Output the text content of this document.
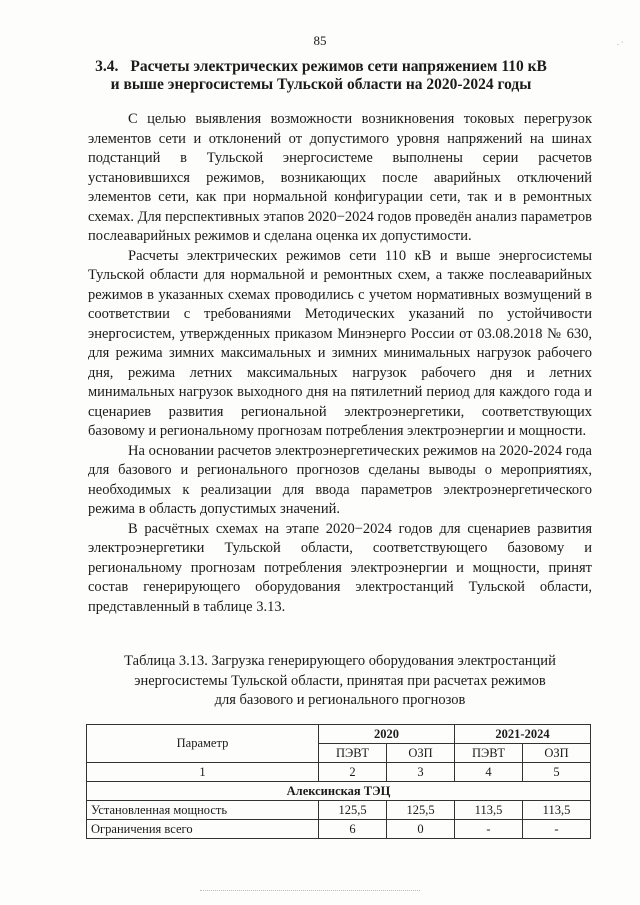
85	. ·
3.4. Расчеты электрических режимов сети напряжением 110 кВ
и выше энергосистемы Тульской области на 2020-2024 годы

С целью выявления возможности возникновения токовых перегрузок элементов сети и отклонений от допустимого уровня напряжений на шинах подстанций в Тульской энергосистеме выполнены серии расчетов установившихся режимов, возникающих после аварийных отключений элементов сети, как при нормальной конфигурации сети, так и в ремонтных схемах. Для перспективных этапов 2020−2024 годов проведён анализ параметров послеаварийных режимов и сделана оценка их допустимости.

Расчеты электрических режимов сети 110 кВ и выше энергосистемы Тульской области для нормальной и ремонтных схем, а также послеаварийных режимов в указанных схемах проводились с учетом нормативных возмущений в соответствии с требованиями Методических указаний по устойчивости энергосистем, утвержденных приказом Минэнерго России от 03.08.2018 № 630, для режима зимних максимальных и зимних минимальных нагрузок рабочего дня, режима летних максимальных нагрузок рабочего дня и летних минимальных нагрузок выходного дня на пятилетний период для каждого года и сценариев развития региональной электроэнергетики, соответствующих базовому и региональному прогнозам потребления электроэнергии и мощности.

На основании расчетов электроэнергетических режимов на 2020-2024 года для базового и регионального прогнозов сделаны выводы о мероприятиях, необходимых к реализации для ввода параметров электроэнергетического режима в область допустимых значений.

В расчётных схемах на этапе 2020−2024 годов для сценариев развития электроэнергетики Тульской области, соответствующего базовому и региональному прогнозам потребления электроэнергии и мощности, принят состав генерирующего оборудования электростанций Тульской области, представленный в таблице 3.13.

Таблица 3.13. Загрузка генерирующего оборудования электростанций
энергосистемы Тульской области, принятая при расчетах режимов
для базового и регионального прогнозов
Параметр	2020		2021-2024	
	ПЭВТ	ОЗП	ПЭВТ	ОЗП
1	2	3	4	5
Алексинская ТЭЦ				
Установленная мощность	125,5	125,5	113,5	113,5
Ограничения всего	6	0	-	-
